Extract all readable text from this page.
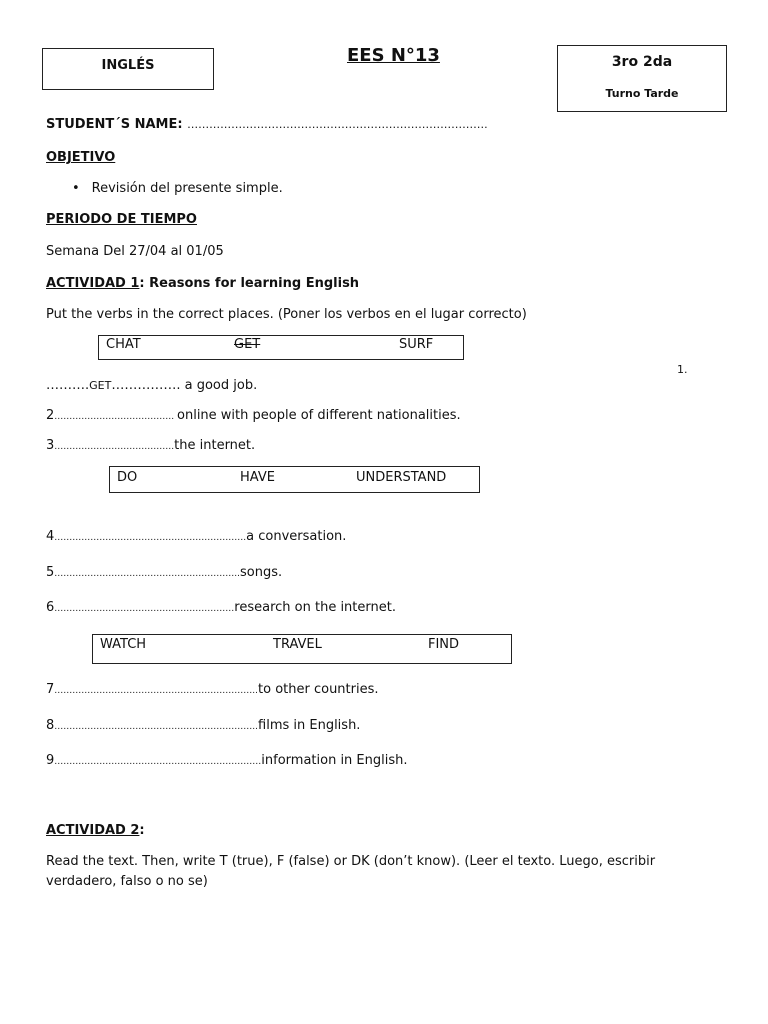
INGLÉS	EES N°13	3ro 2da
Turno Tarde
STUDENT´S NAME: ……………………………………………………………………….
OBJETIVO
• Revisión del presente simple.
PERIODO DE TIEMPO
Semana Del 27/04 al 01/05
ACTIVIDAD 1: Reasons for learning English
Put the verbs in the correct places. (Poner los verbos en el lugar correcto)
CHAT	GET	SURF
1.
……….GET……………. a good job.
2…………………………………. online with people of different nationalities.
3………………………………….the internet.
DO	HAVE	UNDERSTAND
4……………………………………………………….a conversation.
5……………………………………………………..songs.
6……………………………………………………research on the internet.
WATCH	TRAVEL	FIND
7…………………………………………………………..to other countries.
8…………………………………………………………..films in English.
9……………………………………………………………information in English.
ACTIVIDAD 2:
Read the text. Then, write T (true), F (false) or DK (don’t know). (Leer el texto. Luego, escribir
verdadero, falso o no se)
